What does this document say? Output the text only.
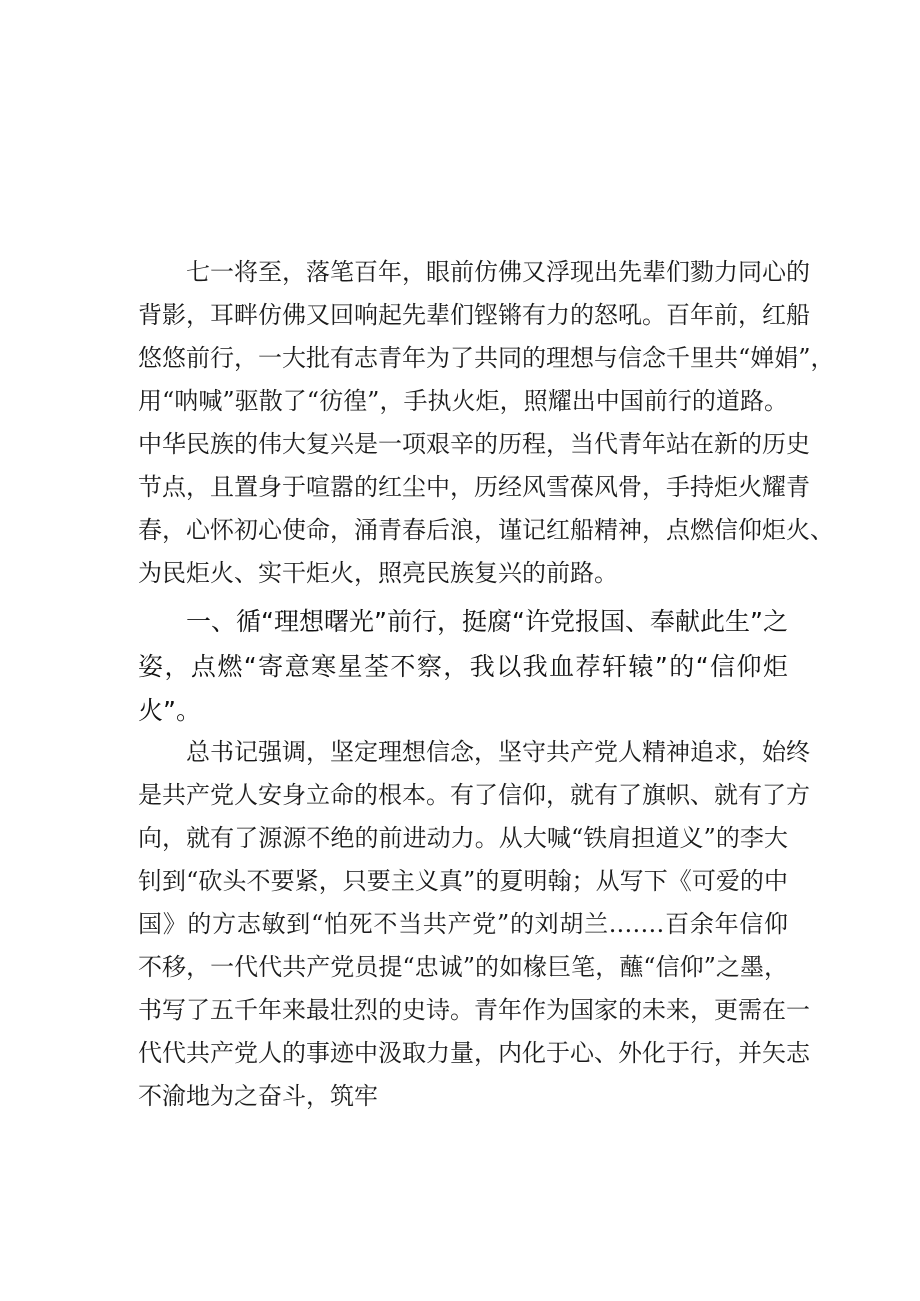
七一将至，落笔百年，眼前仿佛又浮现出先辈们勠力同心的
背影，耳畔仿佛又回响起先辈们铿锵有力的怒吼。百年前，红船
悠悠前行，一大批有志青年为了共同的理想与信念千里共“婵娟”，
用“呐喊”驱散了“彷徨”，手执火炬，照耀出中国前行的道路。
中华民族的伟大复兴是一项艰辛的历程，当代青年站在新的历史
节点，且置身于喧嚣的红尘中，历经风雪葆风骨，手持炬火耀青
春，心怀初心使命，涌青春后浪，谨记红船精神，点燃信仰炬火、
为民炬火、实干炬火，照亮民族复兴的前路。
一、循“理想曙光”前行，挺腐“许党报国、奉献此生”之
姿，点燃“寄意寒星荃不察，我以我血荐轩辕”的“信仰炬
火”。
总书记强调，坚定理想信念，坚守共产党人精神追求，始终
是共产党人安身立命的根本。有了信仰，就有了旗帜、就有了方
向，就有了源源不绝的前进动力。从大喊“铁肩担道义”的李大
钊到“砍头不要紧，只要主义真”的夏明翰；从写下《可爱的中
国》的方志敏到“怕死不当共产党”的刘胡兰.……百余年信仰
不移，一代代共产党员提“忠诚”的如椽巨笔，蘸“信仰”之墨，
书写了五千年来最壮烈的史诗。青年作为国家的未来，更需在一
代代共产党人的事迹中汲取力量，内化于心、外化于行，并矢志
不渝地为之奋斗，筑牢
